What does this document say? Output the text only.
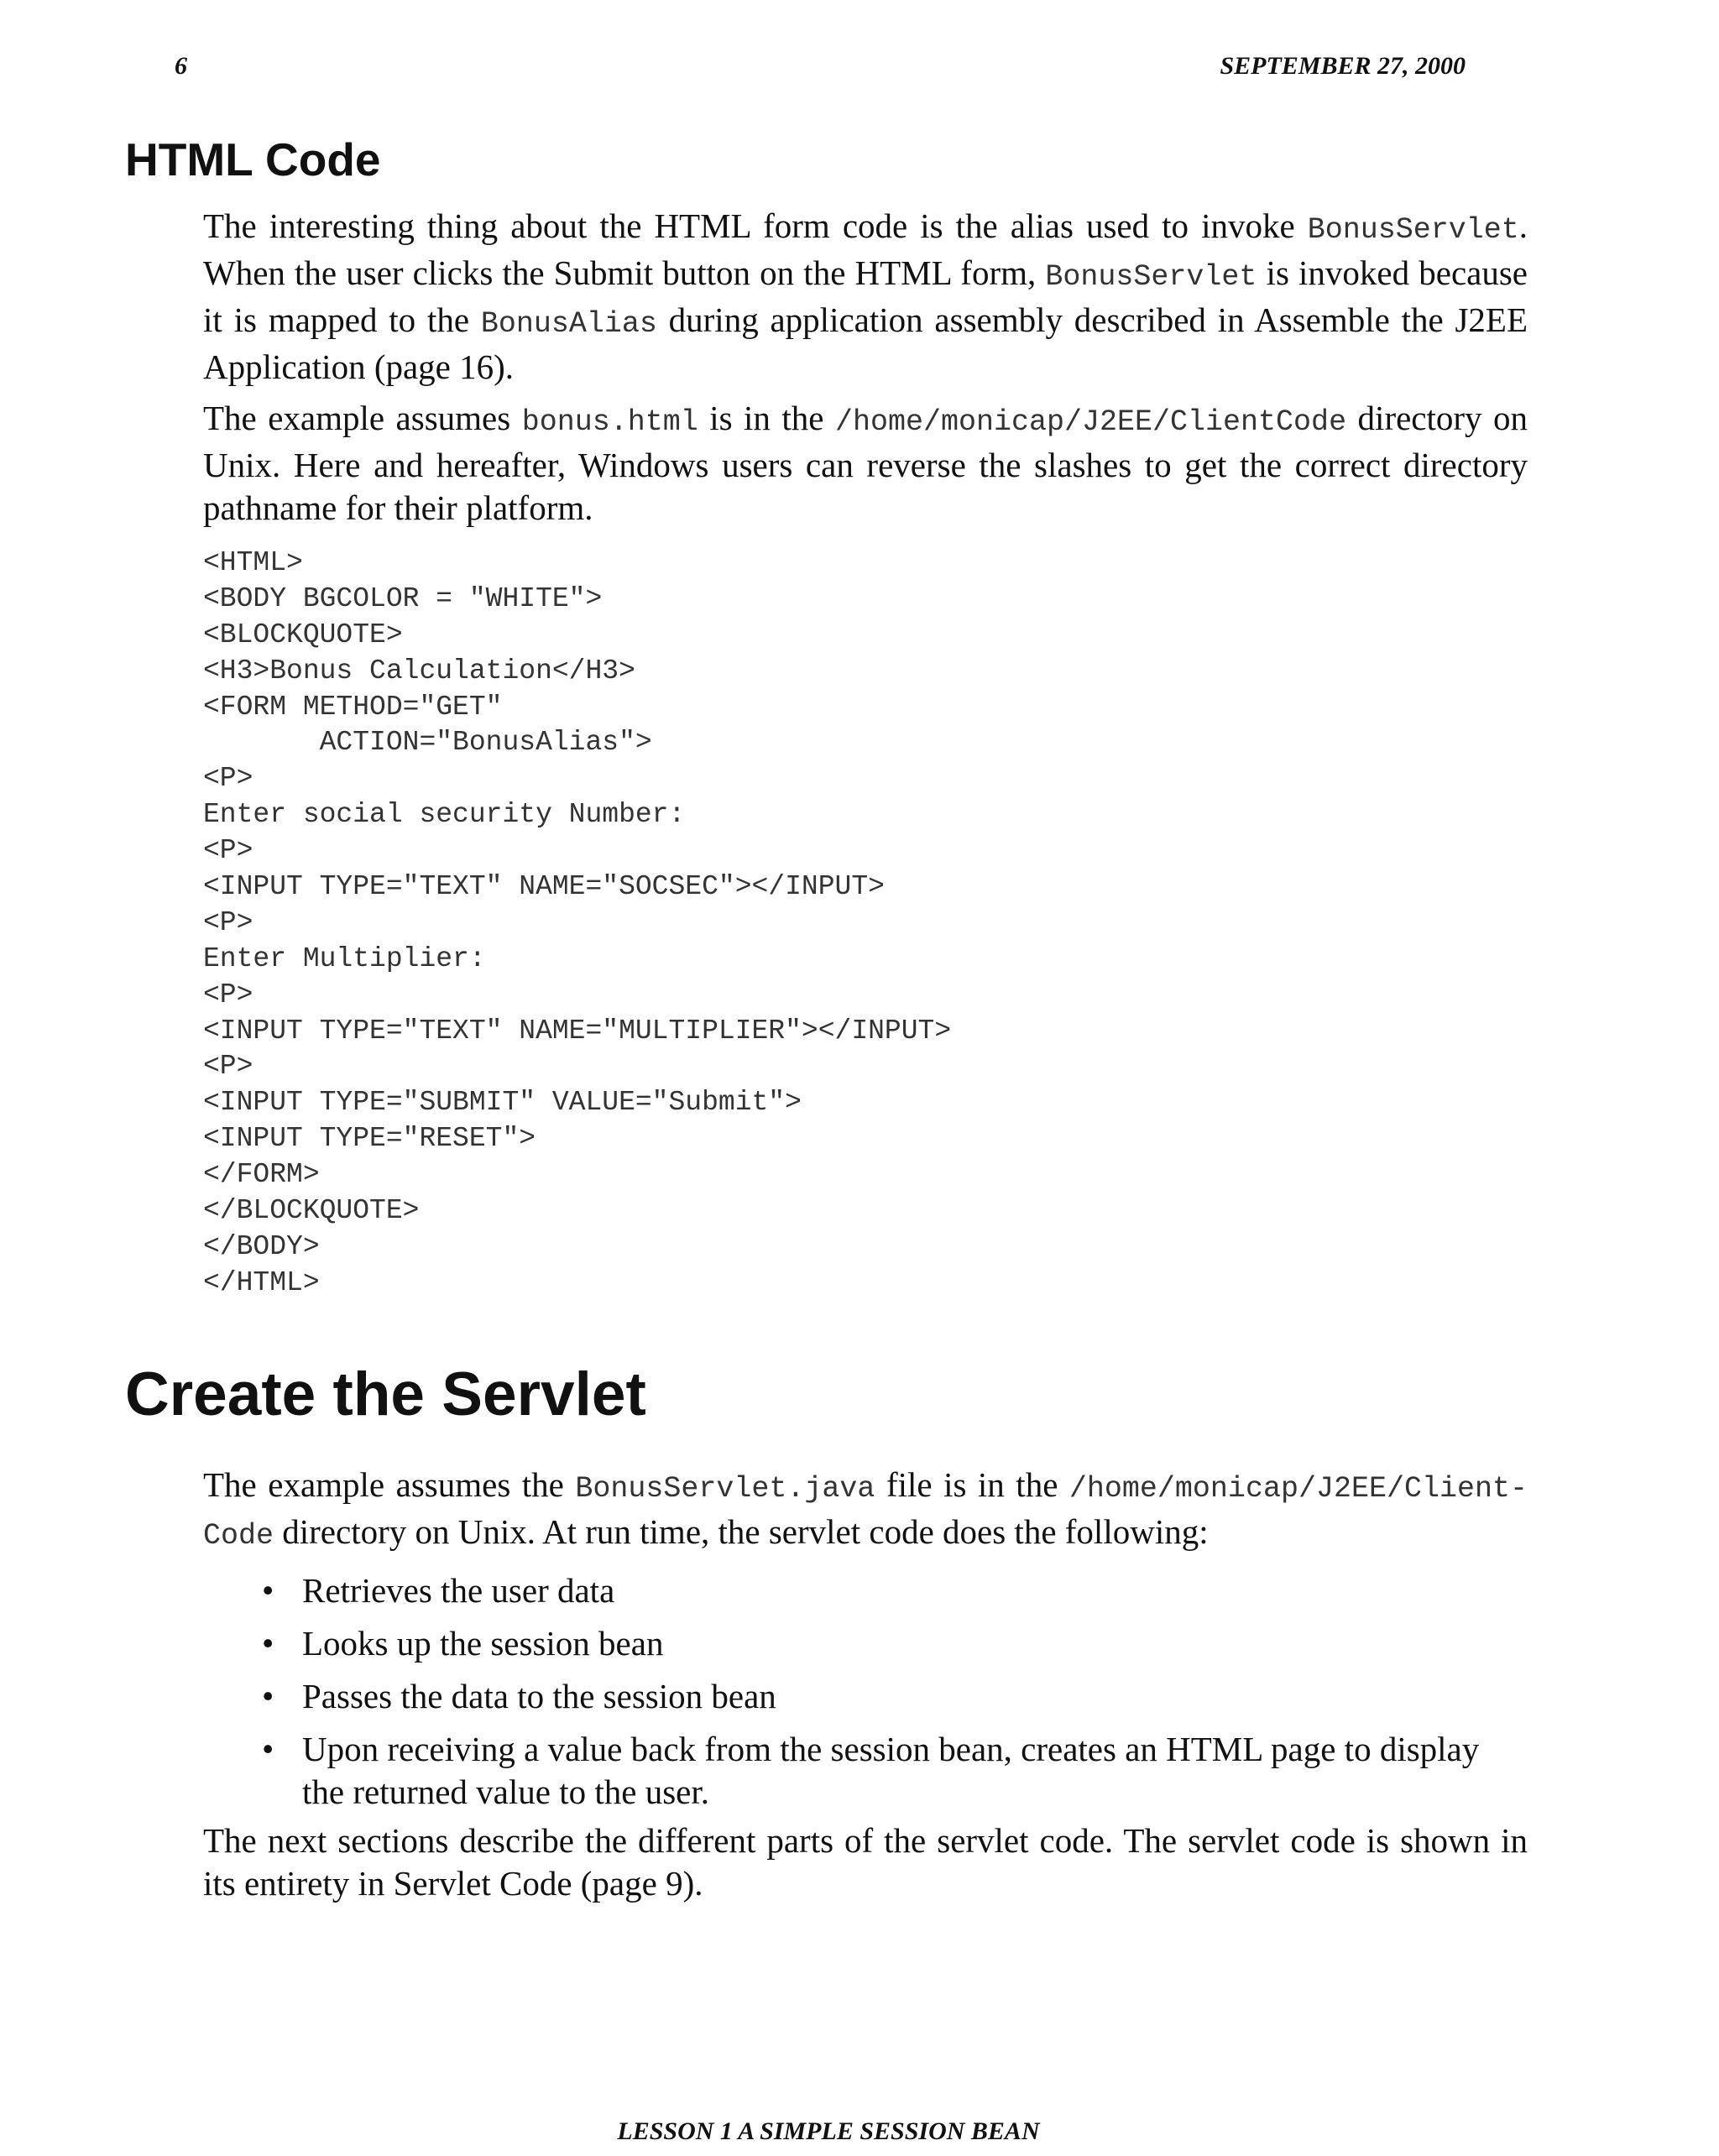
6	SEPTEMBER 27, 2000
HTML Code

The interesting thing about the HTML form code is the alias used to invoke BonusServlet. When the user clicks the Submit button on the HTML form, BonusServlet is invoked because it is mapped to the BonusAlias during application assembly described in Assemble the J2EE Application (page 16).

The example assumes bonus.html is in the /home/monicap/J2EE/ClientCode directory on Unix. Here and hereafter, Windows users can reverse the slashes to get the correct directory pathname for their platform.

<HTML>
<BODY BGCOLOR = "WHITE">
<BLOCKQUOTE>
<H3>Bonus Calculation</H3>
<FORM METHOD="GET"
ACTION="BonusAlias">
<P>
Enter social security Number:
<P>
<INPUT TYPE="TEXT" NAME="SOCSEC"></INPUT>
<P>
Enter Multiplier:
<P>
<INPUT TYPE="TEXT" NAME="MULTIPLIER"></INPUT>
<P>
<INPUT TYPE="SUBMIT" VALUE="Submit">
<INPUT TYPE="RESET">
</FORM>
</BLOCKQUOTE>
</BODY>
</HTML>
Create the Servlet

The example assumes the BonusServlet.java file is in the /home/monicap/J2EE/Client-Code directory on Unix. At run time, the servlet code does the following:

• Retrieves the user data
• Looks up the session bean
• Passes the data to the session bean
• Upon receiving a value back from the session bean, creates an HTML page to display the returned value to the user.

The next sections describe the different parts of the servlet code. The servlet code is shown in its entirety in Servlet Code (page 9).

LESSON 1 A SIMPLE SESSION BEAN
